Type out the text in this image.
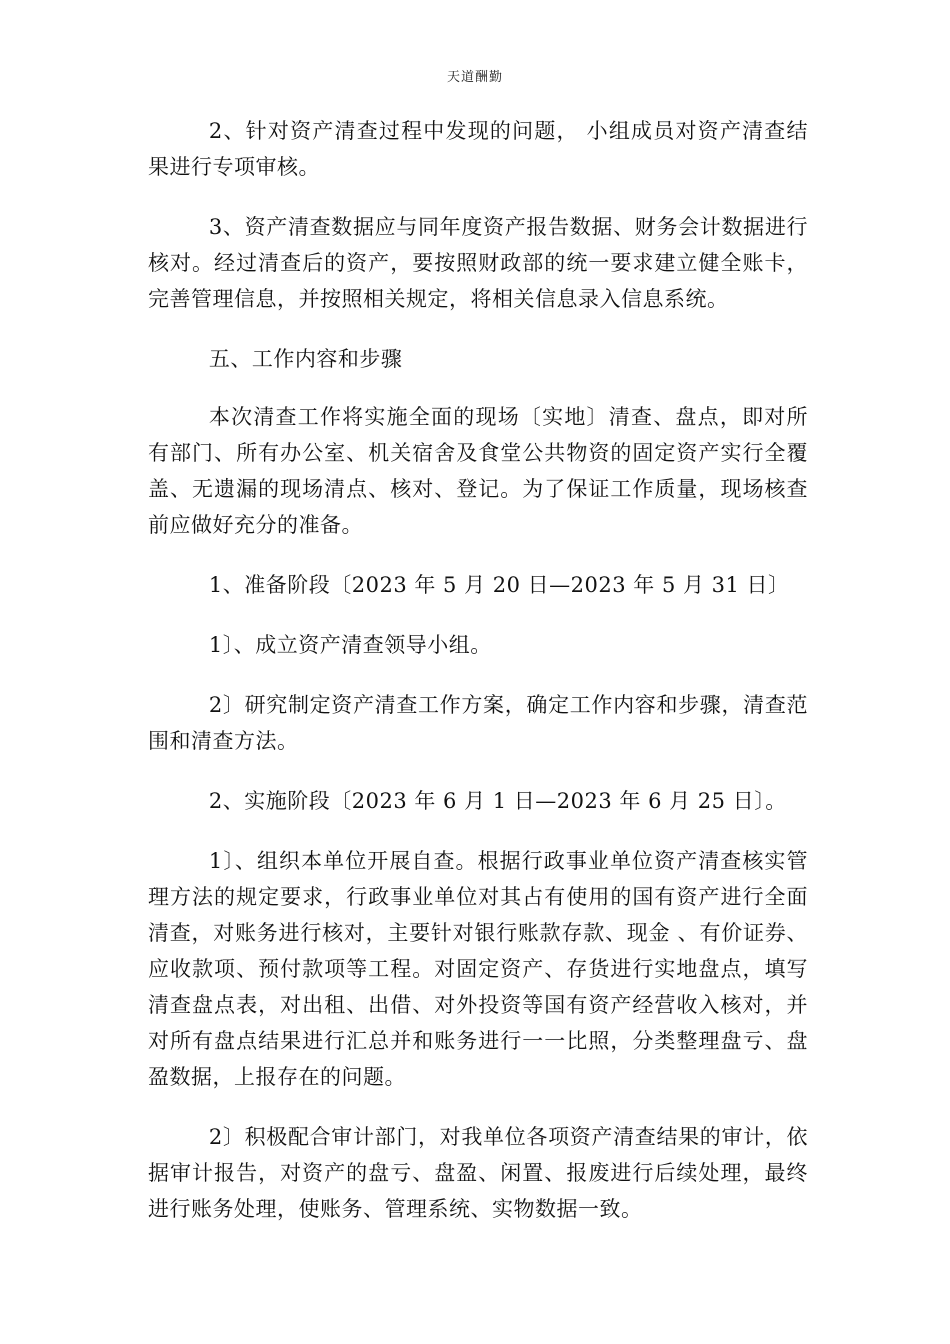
天道酬勤

2、针对资产清查过程中发现的问题， 小组成员对资产清查结果进行专项审核。

3、资产清查数据应与同年度资产报告数据、财务会计数据进行核对。经过清查后的资产，要按照财政部的统一要求建立健全账卡，完善管理信息，并按照相关规定，将相关信息录入信息系统。

五、工作内容和步骤

本次清查工作将实施全面的现场〔实地〕清查、盘点，即对所有部门、所有办公室、机关宿舍及食堂公共物资的固定资产实行全覆盖、无遗漏的现场清点、核对、登记。为了保证工作质量，现场核查前应做好充分的准备。

1、准备阶段〔2023 年 5 月 20 日—2023 年 5 月 31 日〕

1〕、成立资产清查领导小组。

2〕研究制定资产清查工作方案，确定工作内容和步骤，清查范围和清查方法。

2、实施阶段〔2023 年 6 月 1 日—2023 年 6 月 25 日〕。

1〕、组织本单位开展自查。根据行政事业单位资产清查核实管理方法的规定要求，行政事业单位对其占有使用的国有资产进行全面清查，对账务进行核对，主要针对银行账款存款、现金 、有价证券、应收款项、预付款项等工程。对固定资产、存货进行实地盘点，填写清查盘点表，对出租、出借、对外投资等国有资产经营收入核对，并对所有盘点结果进行汇总并和账务进行一一比照，分类整理盘亏、盘盈数据，上报存在的问题。

2〕积极配合审计部门，对我单位各项资产清查结果的审计，依据审计报告，对资产的盘亏、盘盈、闲置、报废进行后续处理，最终进行账务处理，使账务、管理系统、实物数据一致。
